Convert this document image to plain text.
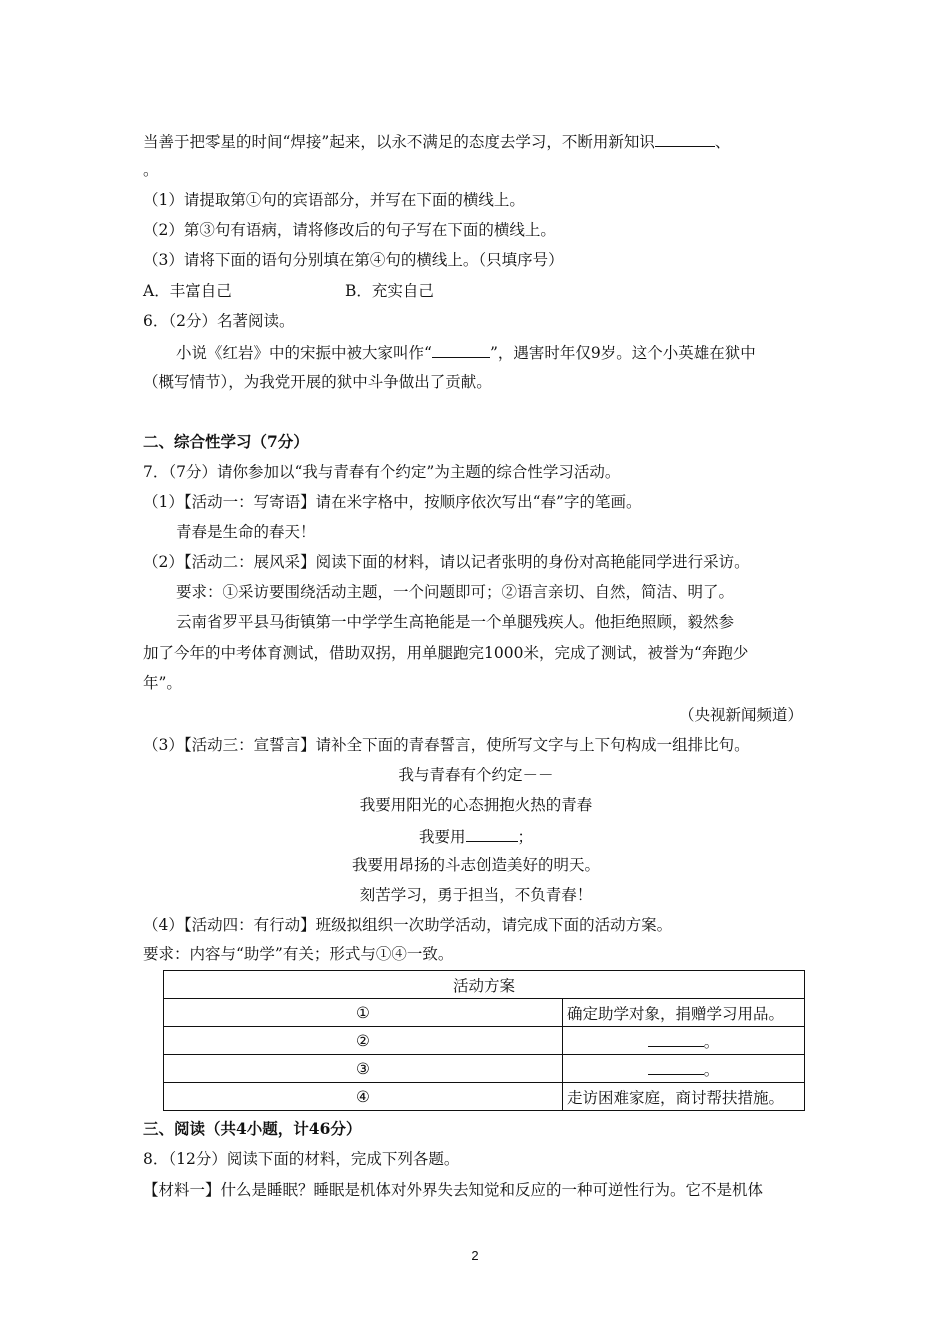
当善于把零星的时间“焊接”起来，以永不满足的态度去学习，不断用新知识	、
。
（1）请提取第①句的宾语部分，并写在下面的横线上。
（2）第③句有语病，请将修改后的句子写在下面的横线上。
（3）请将下面的语句分别填在第④句的横线上。（只填序号）
A．丰富自己	B．充实自己
6．（2分）名著阅读。
小说《红岩》中的宋振中被大家叫作“	”，遇害时年仅9岁。这个小英雄在狱中
（概写情节），为我党开展的狱中斗争做出了贡献。
二、综合性学习（7分）
7．（7分）请你参加以“我与青春有个约定”为主题的综合性学习活动。
（1）【活动一：写寄语】请在米字格中，按顺序依次写出“春”字的笔画。
青春是生命的春天！
（2）【活动二：展风采】阅读下面的材料，请以记者张明的身份对高艳能同学进行采访。
要求：①采访要围绕活动主题，一个问题即可；②语言亲切、自然，简洁、明了。
云南省罗平县马街镇第一中学学生高艳能是一个单腿残疾人。他拒绝照顾，毅然参
加了今年的中考体育测试，借助双拐，用单腿跑完1000米，完成了测试，被誉为“奔跑少
年”。
（央视新闻频道）
（3）【活动三：宣誓言】请补全下面的青春誓言，使所写文字与上下句构成一组排比句。
我与青春有个约定－－
我要用阳光的心态拥抱火热的青春
我要用	；
我要用昂扬的斗志创造美好的明天。
刻苦学习，勇于担当，不负青春！
（4）【活动四：有行动】班级拟组织一次助学活动，请完成下面的活动方案。
要求：内容与“助学”有关；形式与①④一致。
活动方案	
①	确定助学对象，捐赠学习用品。
②	。
③	。
④	走访困难家庭，商讨帮扶措施。
三、阅读（共4小题，计46分）
8．（12分）阅读下面的材料，完成下列各题。
【材料一】什么是睡眠？睡眠是机体对外界失去知觉和反应的一种可逆性行为。它不是机体
2
